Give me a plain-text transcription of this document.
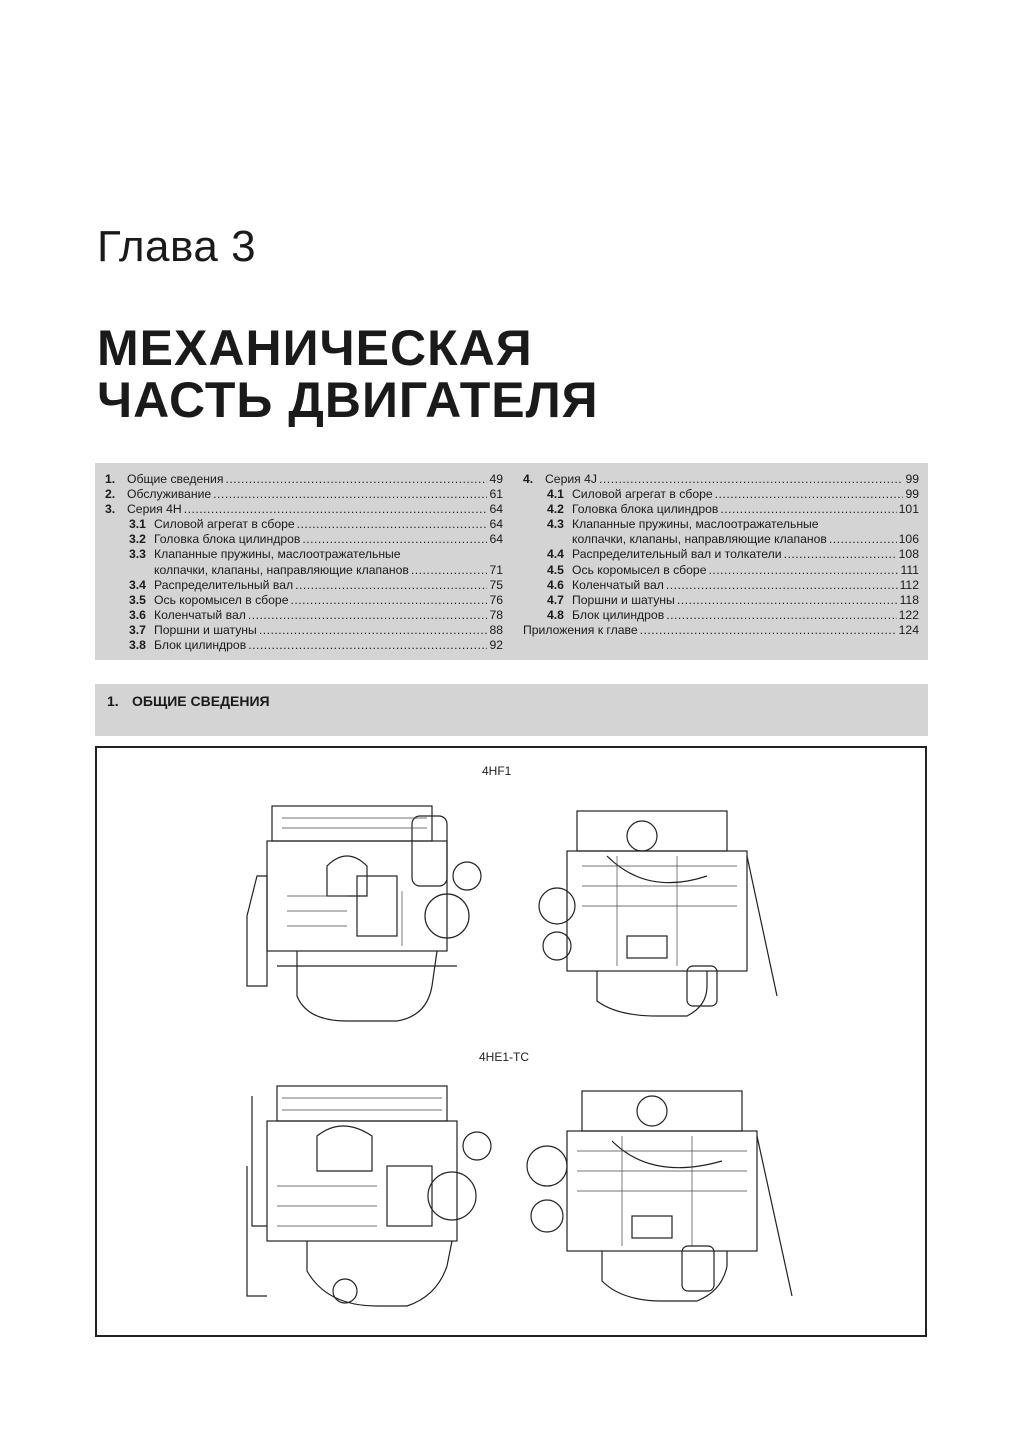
Глава 3
МЕХАНИЧЕСКАЯ
ЧАСТЬ ДВИГАТЕЛЯ
1. Общие сведения .....	49
2. Обслуживание .....	61
3. Серия 4H .....	64
3.1 Силовой агрегат в сборе .....	64
3.2 Головка блока цилиндров .....	64
3.3 Клапанные пружины, маслоотражательные
колпачки, клапаны, направляющие клапанов .....	71
3.4 Распределительный вал .....	75
3.5 Ось коромысел в сборе .....	76
3.6 Коленчатый вал .....	78
3.7 Поршни и шатуны .....	88
3.8 Блок цилиндров .....	92
4. Серия 4J .....	99
4.1 Силовой агрегат в сборе .....	99
4.2 Головка блока цилиндров .....	101
4.3 Клапанные пружины, маслоотражательные
колпачки, клапаны, направляющие клапанов .....	106
4.4 Распределительный вал и толкатели .....	108
4.5 Ось коромысел в сборе .....	111
4.6 Коленчатый вал .....	112
4.7 Поршни и шатуны .....	118
4.8 Блок цилиндров .....	122
Приложения к главе .....	124
1. ОБЩИЕ СВЕДЕНИЯ
4HF1
4HE1-TC
